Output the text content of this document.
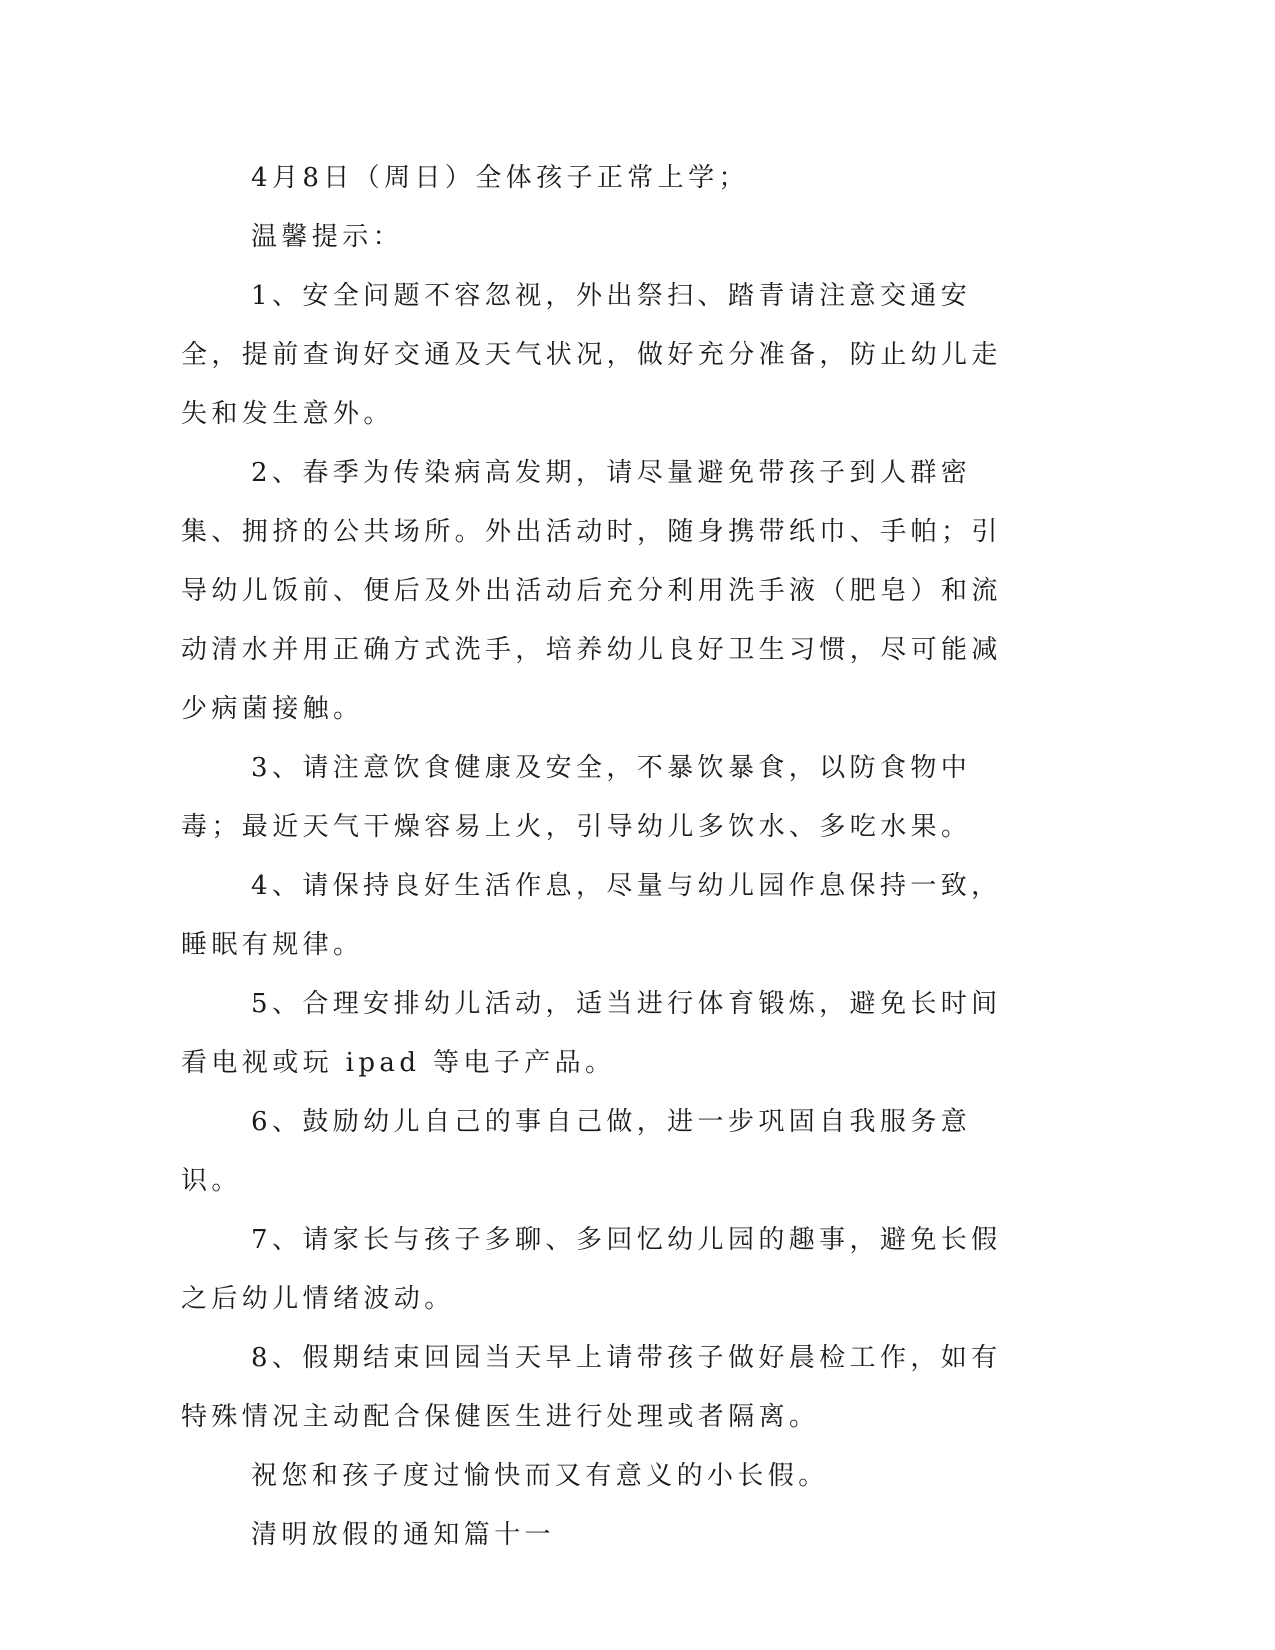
4月8日（周日）全体孩子正常上学；

温馨提示：

1、安全问题不容忽视，外出祭扫、踏青请注意交通安全，提前查询好交通及天气状况，做好充分准备，防止幼儿走失和发生意外。

2、春季为传染病高发期，请尽量避免带孩子到人群密集、拥挤的公共场所。外出活动时，随身携带纸巾、手帕；引导幼儿饭前、便后及外出活动后充分利用洗手液（肥皂）和流动清水并用正确方式洗手，培养幼儿良好卫生习惯，尽可能减少病菌接触。

3、请注意饮食健康及安全，不暴饮暴食，以防食物中毒；最近天气干燥容易上火，引导幼儿多饮水、多吃水果。

4、请保持良好生活作息，尽量与幼儿园作息保持一致，睡眠有规律。

5、合理安排幼儿活动，适当进行体育锻炼，避免长时间看电视或玩 ipad 等电子产品。

6、鼓励幼儿自己的事自己做，进一步巩固自我服务意识。

7、请家长与孩子多聊、多回忆幼儿园的趣事，避免长假之后幼儿情绪波动。

8、假期结束回园当天早上请带孩子做好晨检工作，如有特殊情况主动配合保健医生进行处理或者隔离。

祝您和孩子度过愉快而又有意义的小长假。

清明放假的通知篇十一
